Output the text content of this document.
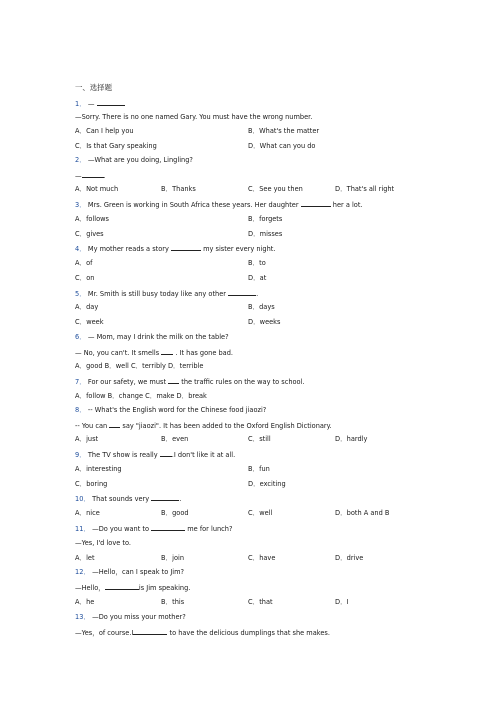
一、选择题
1． —
—Sorry. There is no one named Gary. You must have the wrong number.
A．Can I help you	B．What's the matter
C．Is that Gary speaking	D．What can you do
2． —What are you doing, Lingling?
—	.
A．Not much	B．Thanks	C．See you then	D．That's all right
3． Mrs. Green is working in South Africa these years. Her daughter	her a lot.
A．follows	B．forgets
C．gives	D．misses
4． My mother reads a story	my sister every night.
A．of	B．to
C．on	D．at
5． Mr. Smith is still busy today like any other	.
A．day	B．days
C．week	D．weeks
6． — Mom, may I drink the milk on the table?
— No, you can't. It smells . It has gone bad.
A．good B．well C．terribly D．terrible
7． For our safety, we must the traffic rules on the way to school.
A．follow B．change C．make D．break
8． -- What's the English word for the Chinese food jiaozi?
-- You can say "jiaozi". It has been added to the Oxford English Dictionary.
A．just	B．even	C．still	D．hardly
9． The TV show is really .I don't like it at all.
A．interesting	B．fun
C．boring	D．exciting
10． That sounds very	.
A．nice	B．good	C．well	D．both A and B
11． —Do you want to	me for lunch?
—Yes, I'd love to.
A．let	B．join	C．have	D．drive
12． —Hello，can I speak to Jim?
—Hello，	is Jim speaking.
A．he	B．this	C．that	D．I
13． —Do you miss your mother?
—Yes，of course.I	to have the delicious dumplings that she makes.
